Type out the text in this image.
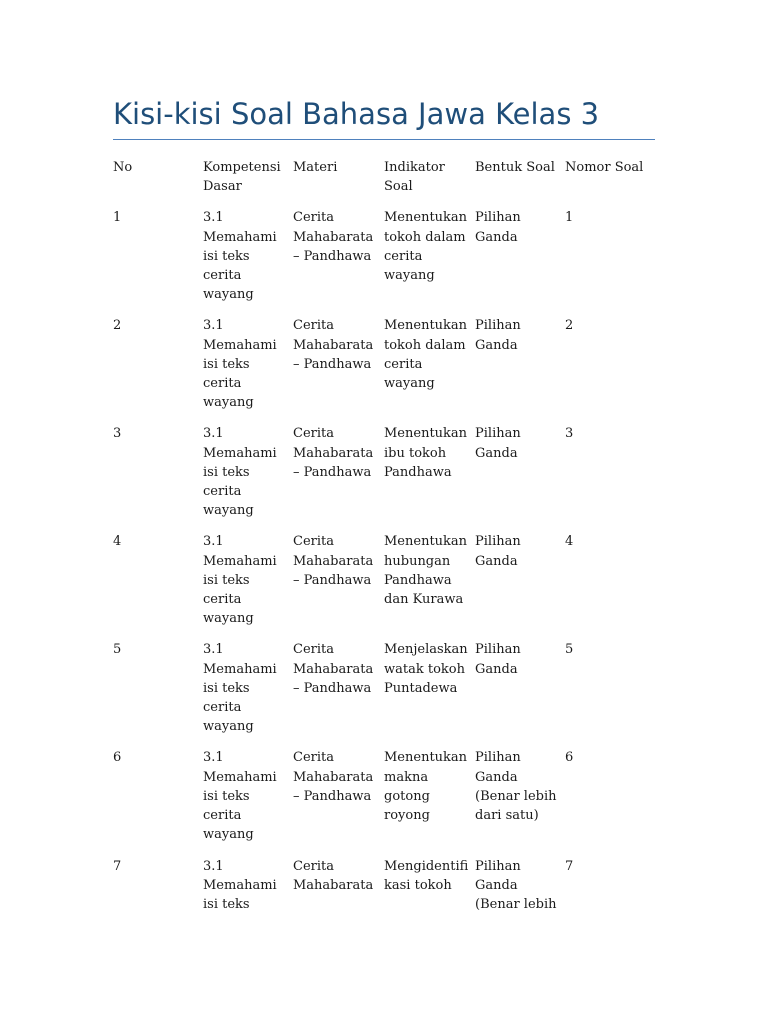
Kisi-kisi Soal Bahasa Jawa Kelas 3
No	Kompetensi
Dasar	Materi	Indikator
Soal	Bentuk Soal	Nomor Soal

1	3.1
Memahami
isi teks
cerita
wayang	Cerita
Mahabarata
– Pandhawa	Menentukan
tokoh dalam
cerita
wayang	Pilihan
Ganda	1

2	3.1
Memahami
isi teks
cerita
wayang	Cerita
Mahabarata
– Pandhawa	Menentukan
tokoh dalam
cerita
wayang	Pilihan
Ganda	2

3	3.1
Memahami
isi teks
cerita
wayang	Cerita
Mahabarata
– Pandhawa	Menentukan
ibu tokoh
Pandhawa	Pilihan
Ganda	3

4	3.1
Memahami
isi teks
cerita
wayang	Cerita
Mahabarata
– Pandhawa	Menentukan
hubungan
Pandhawa
dan Kurawa	Pilihan
Ganda	4

5	3.1
Memahami
isi teks
cerita
wayang	Cerita
Mahabarata
– Pandhawa	Menjelaskan
watak tokoh
Puntadewa	Pilihan
Ganda	5

6	3.1
Memahami
isi teks
cerita
wayang	Cerita
Mahabarata
– Pandhawa	Menentukan
makna
gotong
royong	Pilihan
Ganda
(Benar lebih
dari satu)	6

7	3.1
Memahami
isi teks	Cerita
Mahabarata	Mengidentifi
kasi tokoh	Pilihan
Ganda
(Benar lebih	7
